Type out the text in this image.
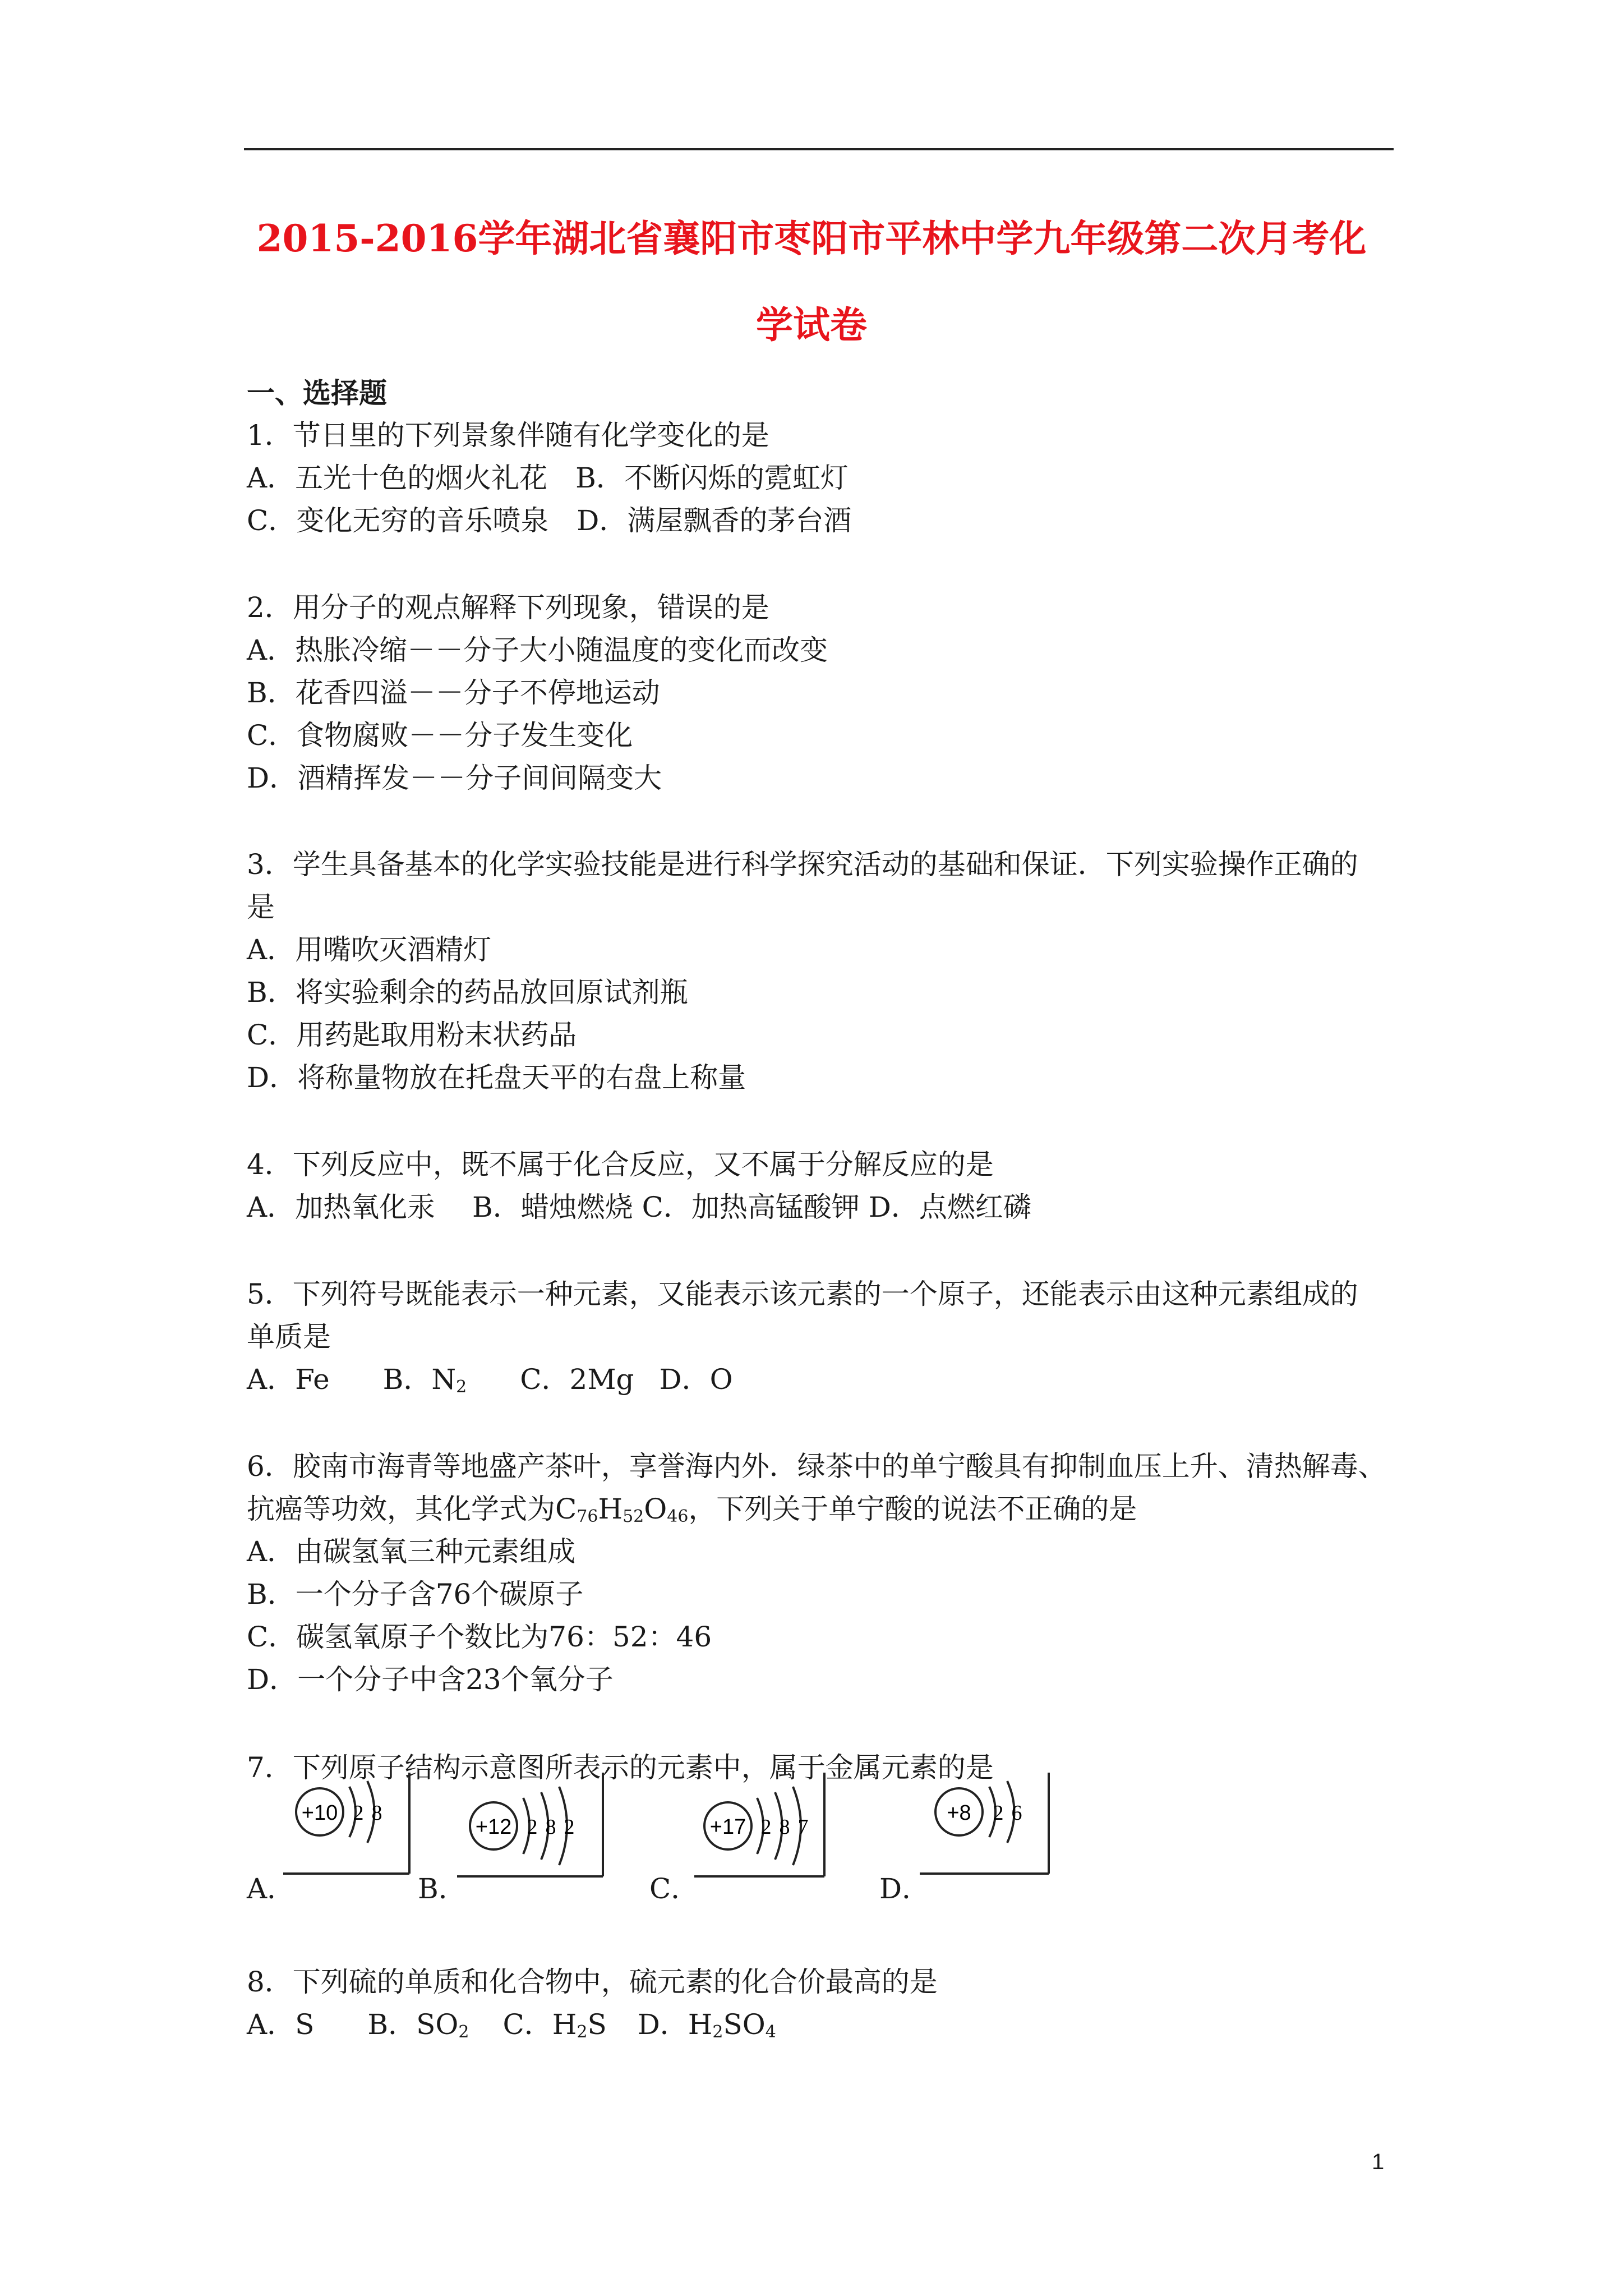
2015-2016学年湖北省襄阳市枣阳市平林中学九年级第二次月考化
学试卷
一、选择题
1．节日里的下列景象伴随有化学变化的是
A．五光十色的烟火礼花　B．不断闪烁的霓虹灯
C．变化无穷的音乐喷泉　D．满屋飘香的茅台酒
2．用分子的观点解释下列现象，错误的是
A．热胀冷缩－－分子大小随温度的变化而改变
B．花香四溢－－分子不停地运动
C．食物腐败－－分子发生变化
D．酒精挥发－－分子间间隔变大
3．学生具备基本的化学实验技能是进行科学探究活动的基础和保证．下列实验操作正确的
是
A．用嘴吹灭酒精灯
B．将实验剩余的药品放回原试剂瓶
C．用药匙取用粉末状药品
D．将称量物放在托盘天平的右盘上称量
4．下列反应中，既不属于化合反应，又不属于分解反应的是
A．加热氧化汞　 B．蜡烛燃烧 C．加热高锰酸钾 D．点燃红磷
5．下列符号既能表示一种元素，又能表示该元素的一个原子，还能表示由这种元素组成的
单质是
A．Fe B．$N_2$ C．2Mg D．O
6．胶南市海青等地盛产茶叶，享誉海内外．绿茶中的单宁酸具有抑制血压上升、清热解毒、
抗癌等功效，其化学式为$C_{76}H_{52}O_{46}$，下列关于单宁酸的说法不正确的是
A．由碳氢氧三种元素组成
B．一个分子含76个碳原子
C．碳氢氧原子个数比为76：52：46
D．一个分子中含23个氧分子
7．下列原子结构示意图所表示的元素中，属于金属元素的是
A．
+10 2 8
B．
+12 2 8 2
C．
+17 2 8 7
D．
+8 2 6
8．下列硫的单质和化合物中，硫元素的化合价最高的是
A．S B．$SO_2$ C．$H_2S$ D．$H_2SO_4$
1
